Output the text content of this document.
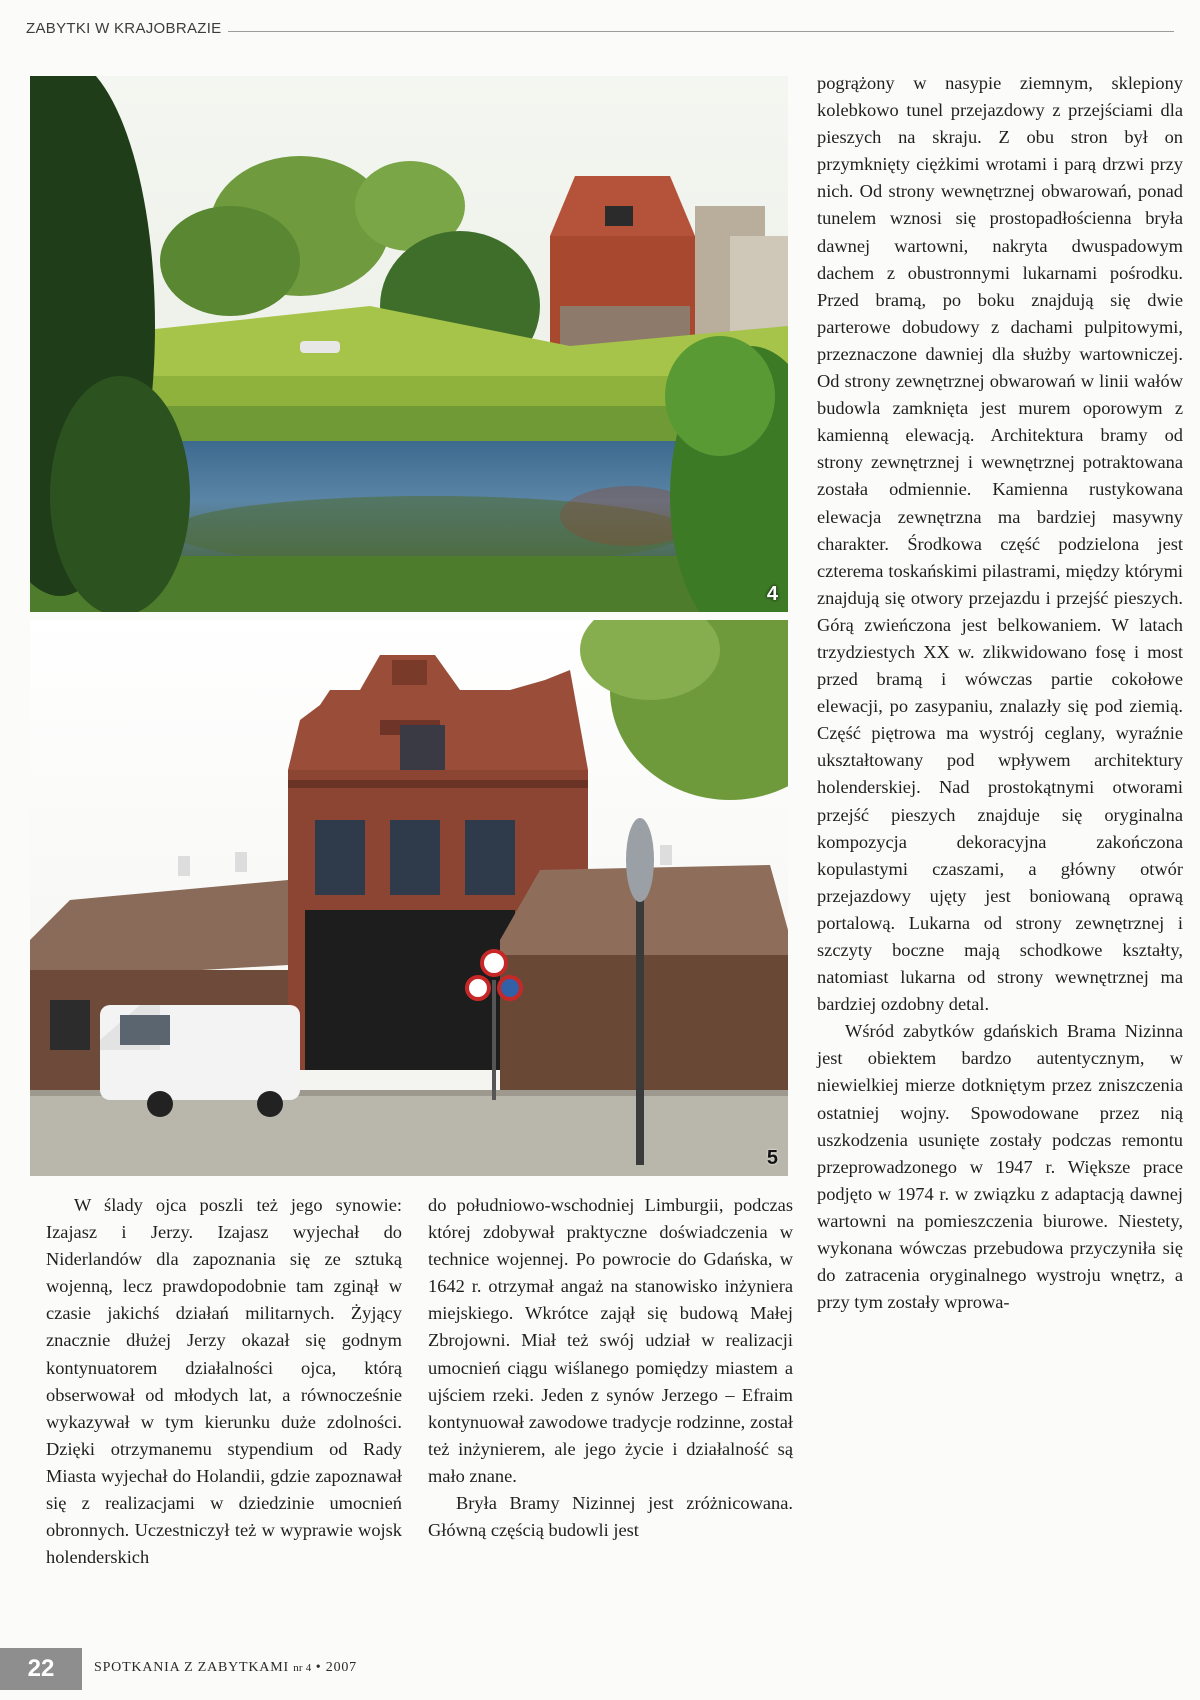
ZABYTKI W KRAJOBRAZIE
4
5

pogrążony w nasypie ziemnym, sklepiony kolebkowo tunel przejazdowy z przejściami dla pieszych na skraju. Z obu stron był on przymknięty ciężkimi wrotami i parą drzwi przy nich. Od strony wewnętrznej obwarowań, ponad tunelem wznosi się prostopadłościenna bryła dawnej wartowni, nakryta dwuspadowym dachem z obustronnymi lukarnami pośrodku. Przed bramą, po boku znajdują się dwie parterowe dobudowy z dachami pulpitowymi, przeznaczone dawniej dla służby wartowniczej. Od strony zewnętrznej obwarowań w linii wałów budowla zamknięta jest murem oporowym z kamienną elewacją. Architektura bramy od strony zewnętrznej i wewnętrznej potraktowana została odmiennie. Kamienna rustykowana elewacja zewnętrzna ma bardziej masywny charakter. Środkowa część podzielona jest czterema toskańskimi pilastrami, między którymi znajdują się otwory przejazdu i przejść pieszych. Górą zwieńczona jest belkowaniem. W latach trzydziestych XX w. zlikwidowano fosę i most przed bramą i wówczas partie cokołowe elewacji, po zasypaniu, znalazły się pod ziemią. Część piętrowa ma wystrój ceglany, wyraźnie ukształtowany pod wpływem architektury holenderskiej. Nad prostokątnymi otworami przejść pieszych znajduje się oryginalna kompozycja dekoracyjna zakończona kopulastymi czaszami, a główny otwór przejazdowy ujęty jest boniowaną oprawą portalową. Lukarna od strony zewnętrznej i szczyty boczne mają schodkowe kształty, natomiast lukarna od strony wewnętrznej ma bardziej ozdobny detal.

Wśród zabytków gdańskich Brama Nizinna jest obiektem bardzo autentycznym, w niewielkiej mierze dotkniętym przez zniszczenia ostatniej wojny. Spowodowane przez nią uszkodzenia usunięte zostały podczas remontu przeprowadzonego w 1947 r. Większe prace podjęto w 1974 r. w związku z adaptacją dawnej wartowni na pomieszczenia biurowe. Niestety, wykonana wówczas przebudowa przyczyniła się do zatracenia oryginalnego wystroju wnętrz, a przy tym zostały wprowa-

W ślady ojca poszli też jego synowie: Izajasz i Jerzy. Izajasz wyjechał do Niderlandów dla zapoznania się ze sztuką wojenną, lecz prawdopodobnie tam zginął w czasie jakichś działań militarnych. Żyjący znacznie dłużej Jerzy okazał się godnym kontynuatorem działalności ojca, którą obserwował od młodych lat, a równocześnie wykazywał w tym kierunku duże zdolności. Dzięki otrzymanemu stypendium od Rady Miasta wyjechał do Holandii, gdzie zapoznawał się z realizacjami w dziedzinie umocnień obronnych. Uczestniczył też w wyprawie wojsk holenderskich

do południowo-wschodniej Limburgii, podczas której zdobywał praktyczne doświadczenia w technice wojennej. Po powrocie do Gdańska, w 1642 r. otrzymał angaż na stanowisko inżyniera miejskiego. Wkrótce zajął się budową Małej Zbrojowni. Miał też swój udział w realizacji umocnień ciągu wiślanego pomiędzy miastem a ujściem rzeki. Jeden z synów Jerzego – Efraim kontynuował zawodowe tradycje rodzinne, został też inżynierem, ale jego życie i działalność są mało znane.

Bryła Bramy Nizinnej jest zróżnicowana. Główną częścią budowli jest

22	SPOTKANIA Z ZABYTKAMI nr 4 • 2007
